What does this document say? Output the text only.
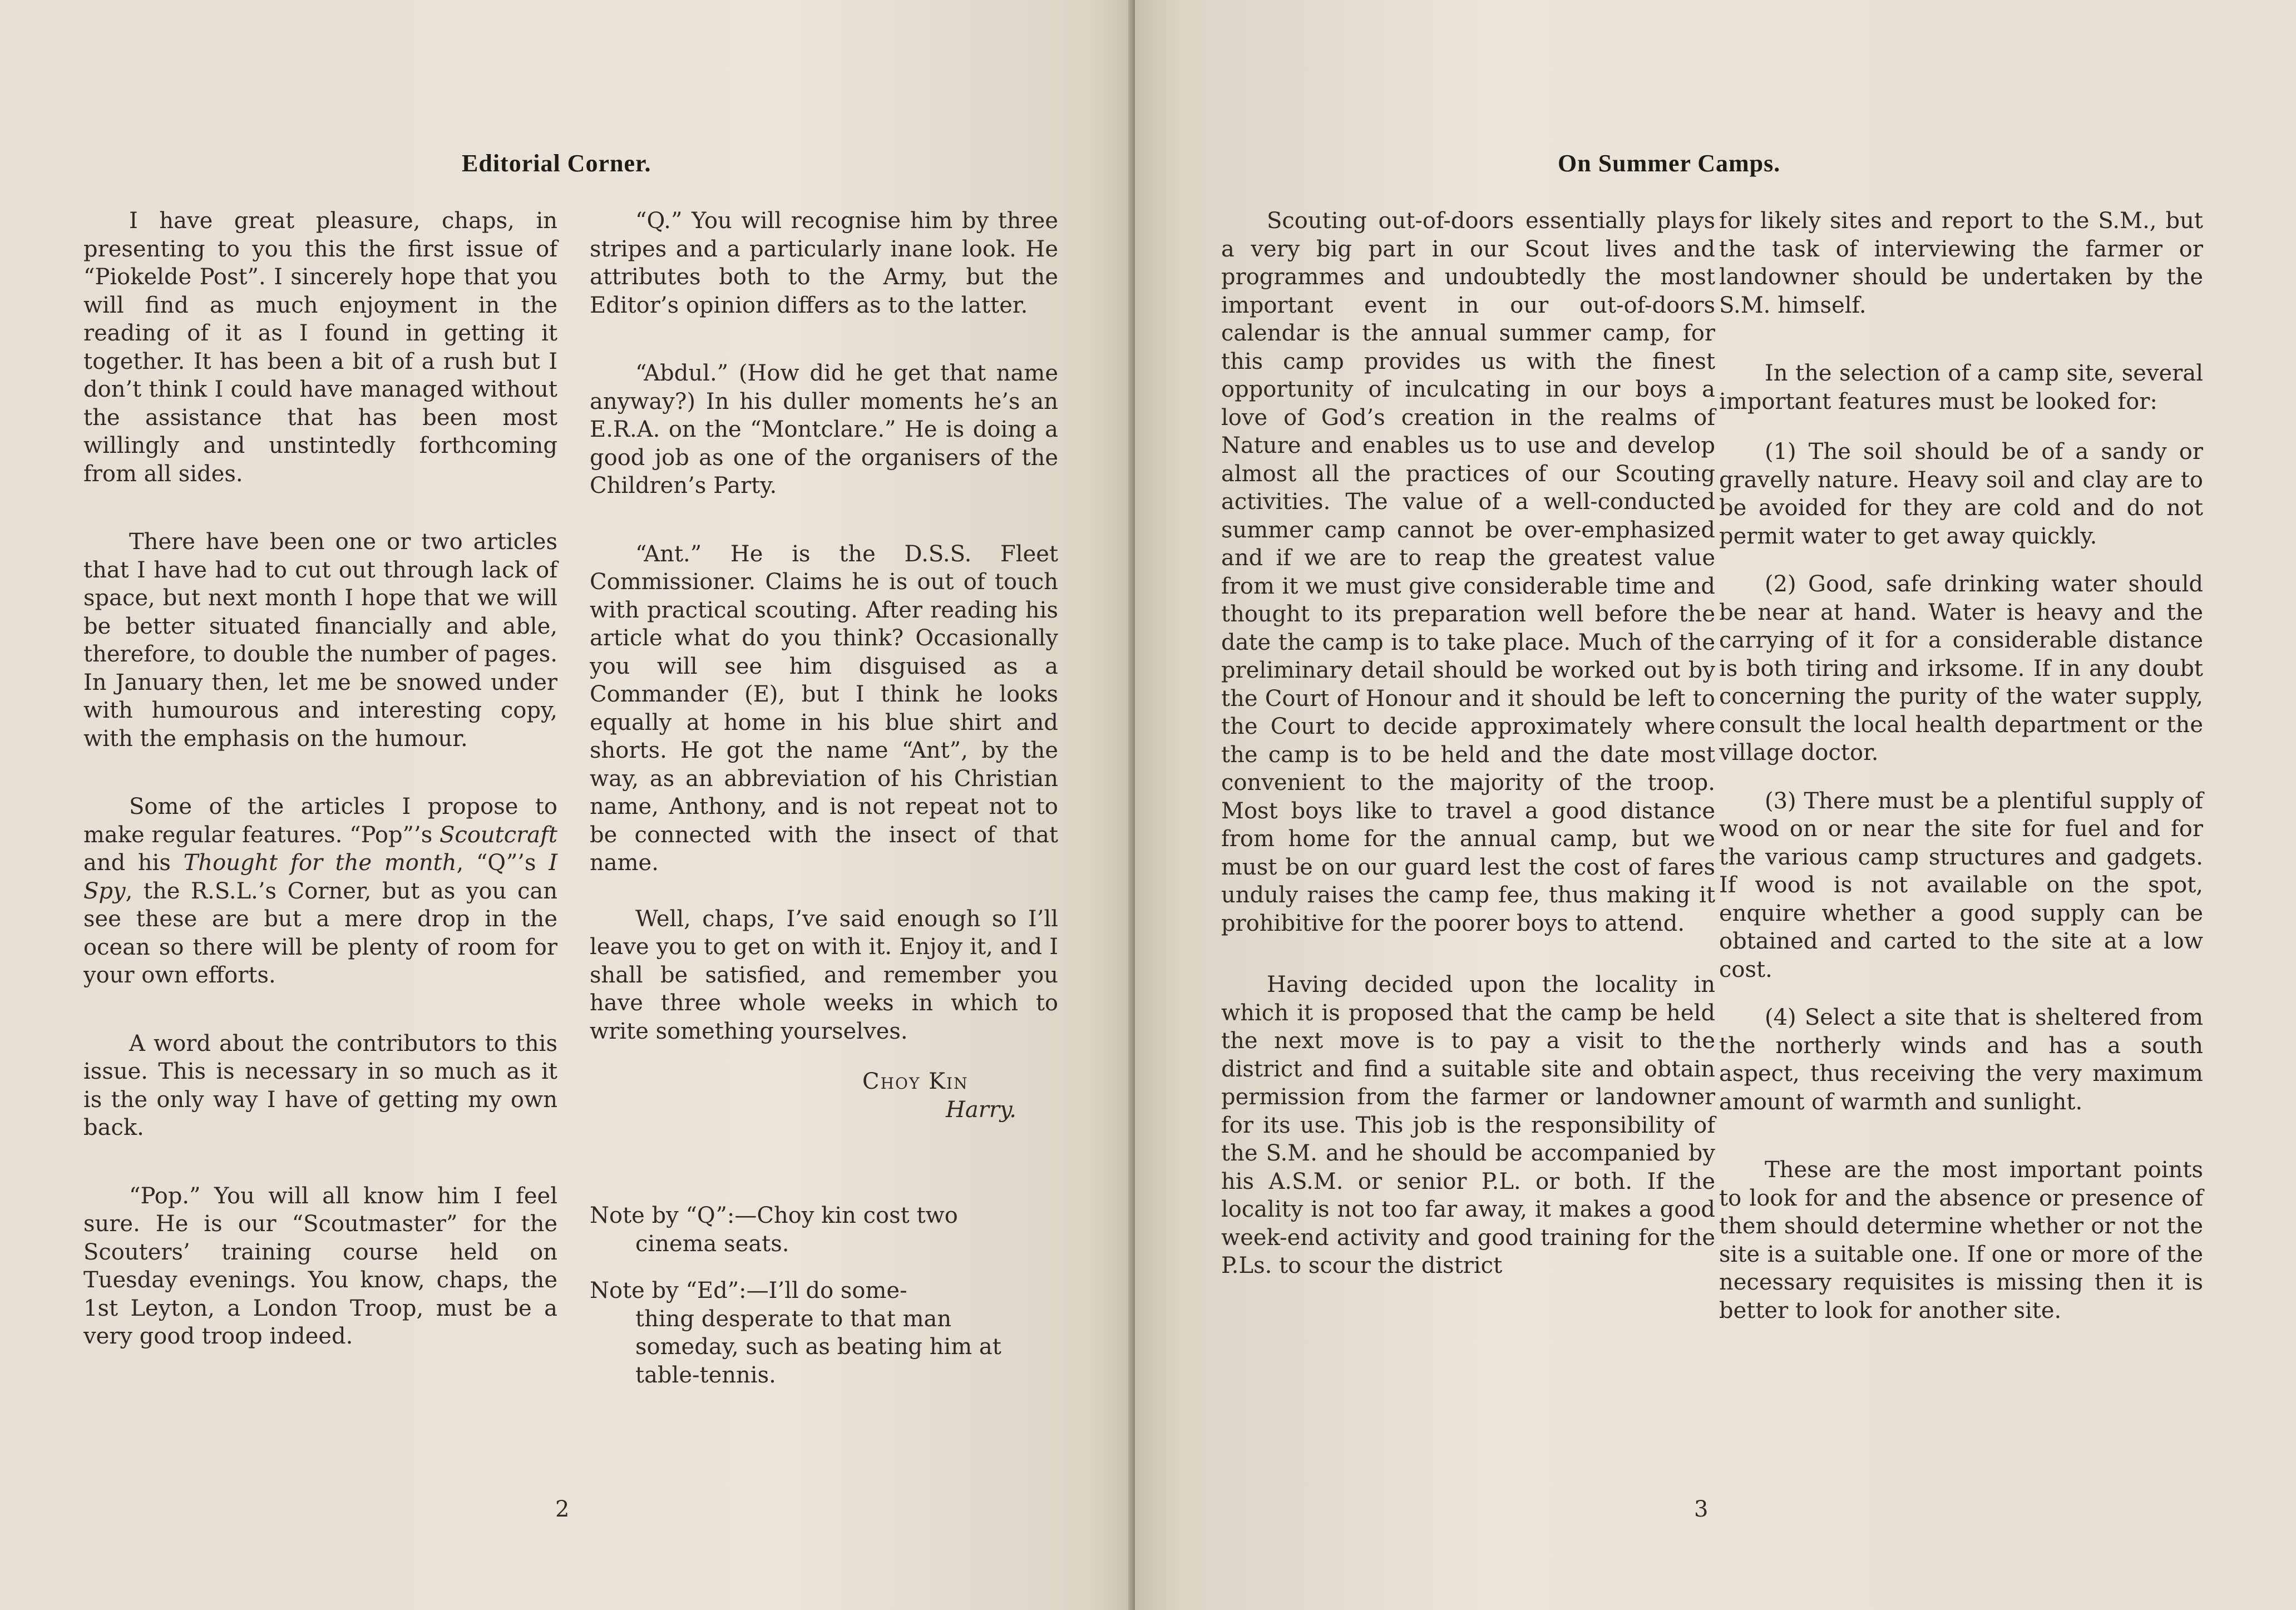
Editorial Corner.

I have great pleasure, chaps, in presenting to you this the first issue of “Piokelde Post”. I sincerely hope that you will find as much enjoyment in the reading of it as I found in getting it together. It has been a bit of a rush but I don’t think I could have managed without the assistance that has been most willingly and unstintedly forthcoming from all sides.

There have been one or two articles that I have had to cut out through lack of space, but next month I hope that we will be better situated financially and able, therefore, to double the number of pages. In January then, let me be snowed under with humourous and interesting copy, with the emphasis on the humour.

Some of the articles I propose to make regular features. “Pop”’s Scoutcraft and his Thought for the month, “Q”’s I Spy, the R.S.L.’s Corner, but as you can see these are but a mere drop in the ocean so there will be plenty of room for your own efforts.

A word about the contributors to this issue. This is necessary in so much as it is the only way I have of getting my own back.

“Pop.” You will all know him I feel sure. He is our “Scoutmaster” for the Scouters’ training course held on Tuesday evenings. You know, chaps, the 1st Leyton, a London Troop, must be a very good troop indeed.

“Q.” You will recognise him by three stripes and a particularly inane look. He attributes both to the Army, but the Editor’s opinion differs as to the latter.

“Abdul.” (How did he get that name anyway?) In his duller moments he’s an E.R.A. on the “Montclare.” He is doing a good job as one of the organisers of the Children’s Party.

“Ant.” He is the D.S.S. Fleet Commissioner. Claims he is out of touch with practical scouting. After reading his article what do you think? Occasionally you will see him disguised as a Commander (E), but I think he looks equally at home in his blue shirt and shorts. He got the name “Ant”, by the way, as an abbreviation of his Christian name, Anthony, and is not repeat not to be connected with the insect of that name.

Well, chaps, I’ve said enough so I’ll leave you to get on with it. Enjoy it, and I shall be satisfied, and remember you have three whole weeks in which to write something yourselves.

Choy Kin
Harry.
Note by “Q”:—Choy kin cost two
cinema seats.
Note by “Ed”:—I’ll do some-
thing desperate to that man someday, such as beating him at table-tennis.
2
On Summer Camps.

Scouting out-of-doors essentially plays a very big part in our Scout lives and programmes and undoubtedly the most important event in our out-of-doors calendar is the annual summer camp, for this camp provides us with the finest opportunity of inculcating in our boys a love of God’s creation in the realms of Nature and enables us to use and develop almost all the practices of our Scouting activities. The value of a well-conducted summer camp cannot be over-emphasized and if we are to reap the greatest value from it we must give considerable time and thought to its preparation well before the date the camp is to take place. Much of the preliminary detail should be worked out by the Court of Honour and it should be left to the Court to decide approximately where the camp is to be held and the date most convenient to the majority of the troop. Most boys like to travel a good distance from home for the annual camp, but we must be on our guard lest the cost of fares unduly raises the camp fee, thus making it prohibitive for the poorer boys to attend.

Having decided upon the locality in which it is proposed that the camp be held the next move is to pay a visit to the district and find a suitable site and obtain permission from the farmer or landowner for its use. This job is the responsibility of the S.M. and he should be accompanied by his A.S.M. or senior P.L. or both. If the locality is not too far away, it makes a good week-end activity and good training for the P.Ls. to scour the district

for likely sites and report to the S.M., but the task of interviewing the farmer or landowner should be undertaken by the S.M. himself.

In the selection of a camp site, several important features must be looked for:

(1) The soil should be of a sandy or gravelly nature. Heavy soil and clay are to be avoided for they are cold and do not permit water to get away quickly.

(2) Good, safe drinking water should be near at hand. Water is heavy and the carrying of it for a considerable distance is both tiring and irksome. If in any doubt concerning the purity of the water supply, consult the local health department or the village doctor.

(3) There must be a plentiful supply of wood on or near the site for fuel and for the various camp structures and gadgets. If wood is not available on the spot, enquire whether a good supply can be obtained and carted to the site at a low cost.

(4) Select a site that is sheltered from the northerly winds and has a south aspect, thus receiving the very maximum amount of warmth and sunlight.

These are the most important points to look for and the absence or presence of them should determine whether or not the site is a suitable one. If one or more of the necessary requisites is missing then it is better to look for another site.

3
